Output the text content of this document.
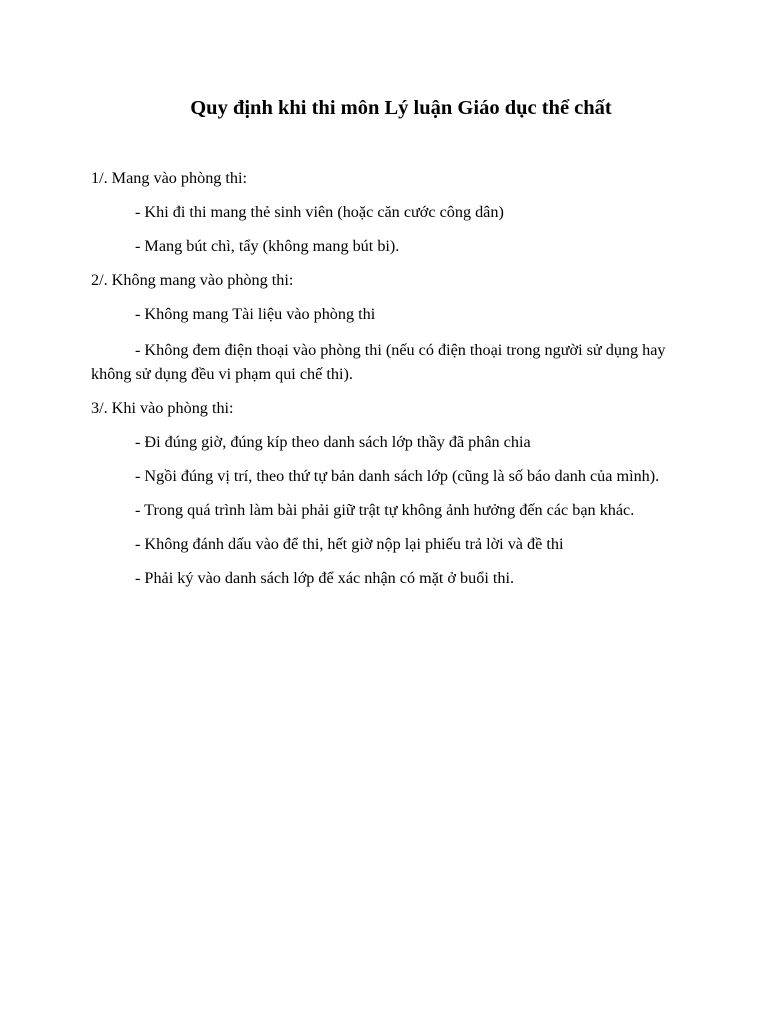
Quy định khi thi môn Lý luận Giáo dục thể chất

1/. Mang vào phòng thi:

- Khi đi thi mang thẻ sinh viên (hoặc căn cước công dân)

- Mang bút chì, tẩy (không mang bút bi).

2/. Không mang vào phòng thi:

- Không mang Tài liệu vào phòng thi

- Không đem điện thoại vào phòng thi (nếu có điện thoại trong người sử dụng hay

không sử dụng đều vi phạm qui chế thi).

3/. Khi vào phòng thi:

- Đi đúng giờ, đúng kíp theo danh sách lớp thầy đã phân chia

- Ngồi đúng vị trí, theo thứ tự bản danh sách lớp (cũng là số báo danh của mình).

- Trong quá trình làm bài phải giữ trật tự không ảnh hưởng đến các bạn khác.

- Không đánh dấu vào để thi, hết giờ nộp lại phiếu trả lời và đề thi

- Phải ký vào danh sách lớp để xác nhận có mặt ở buổi thi.
